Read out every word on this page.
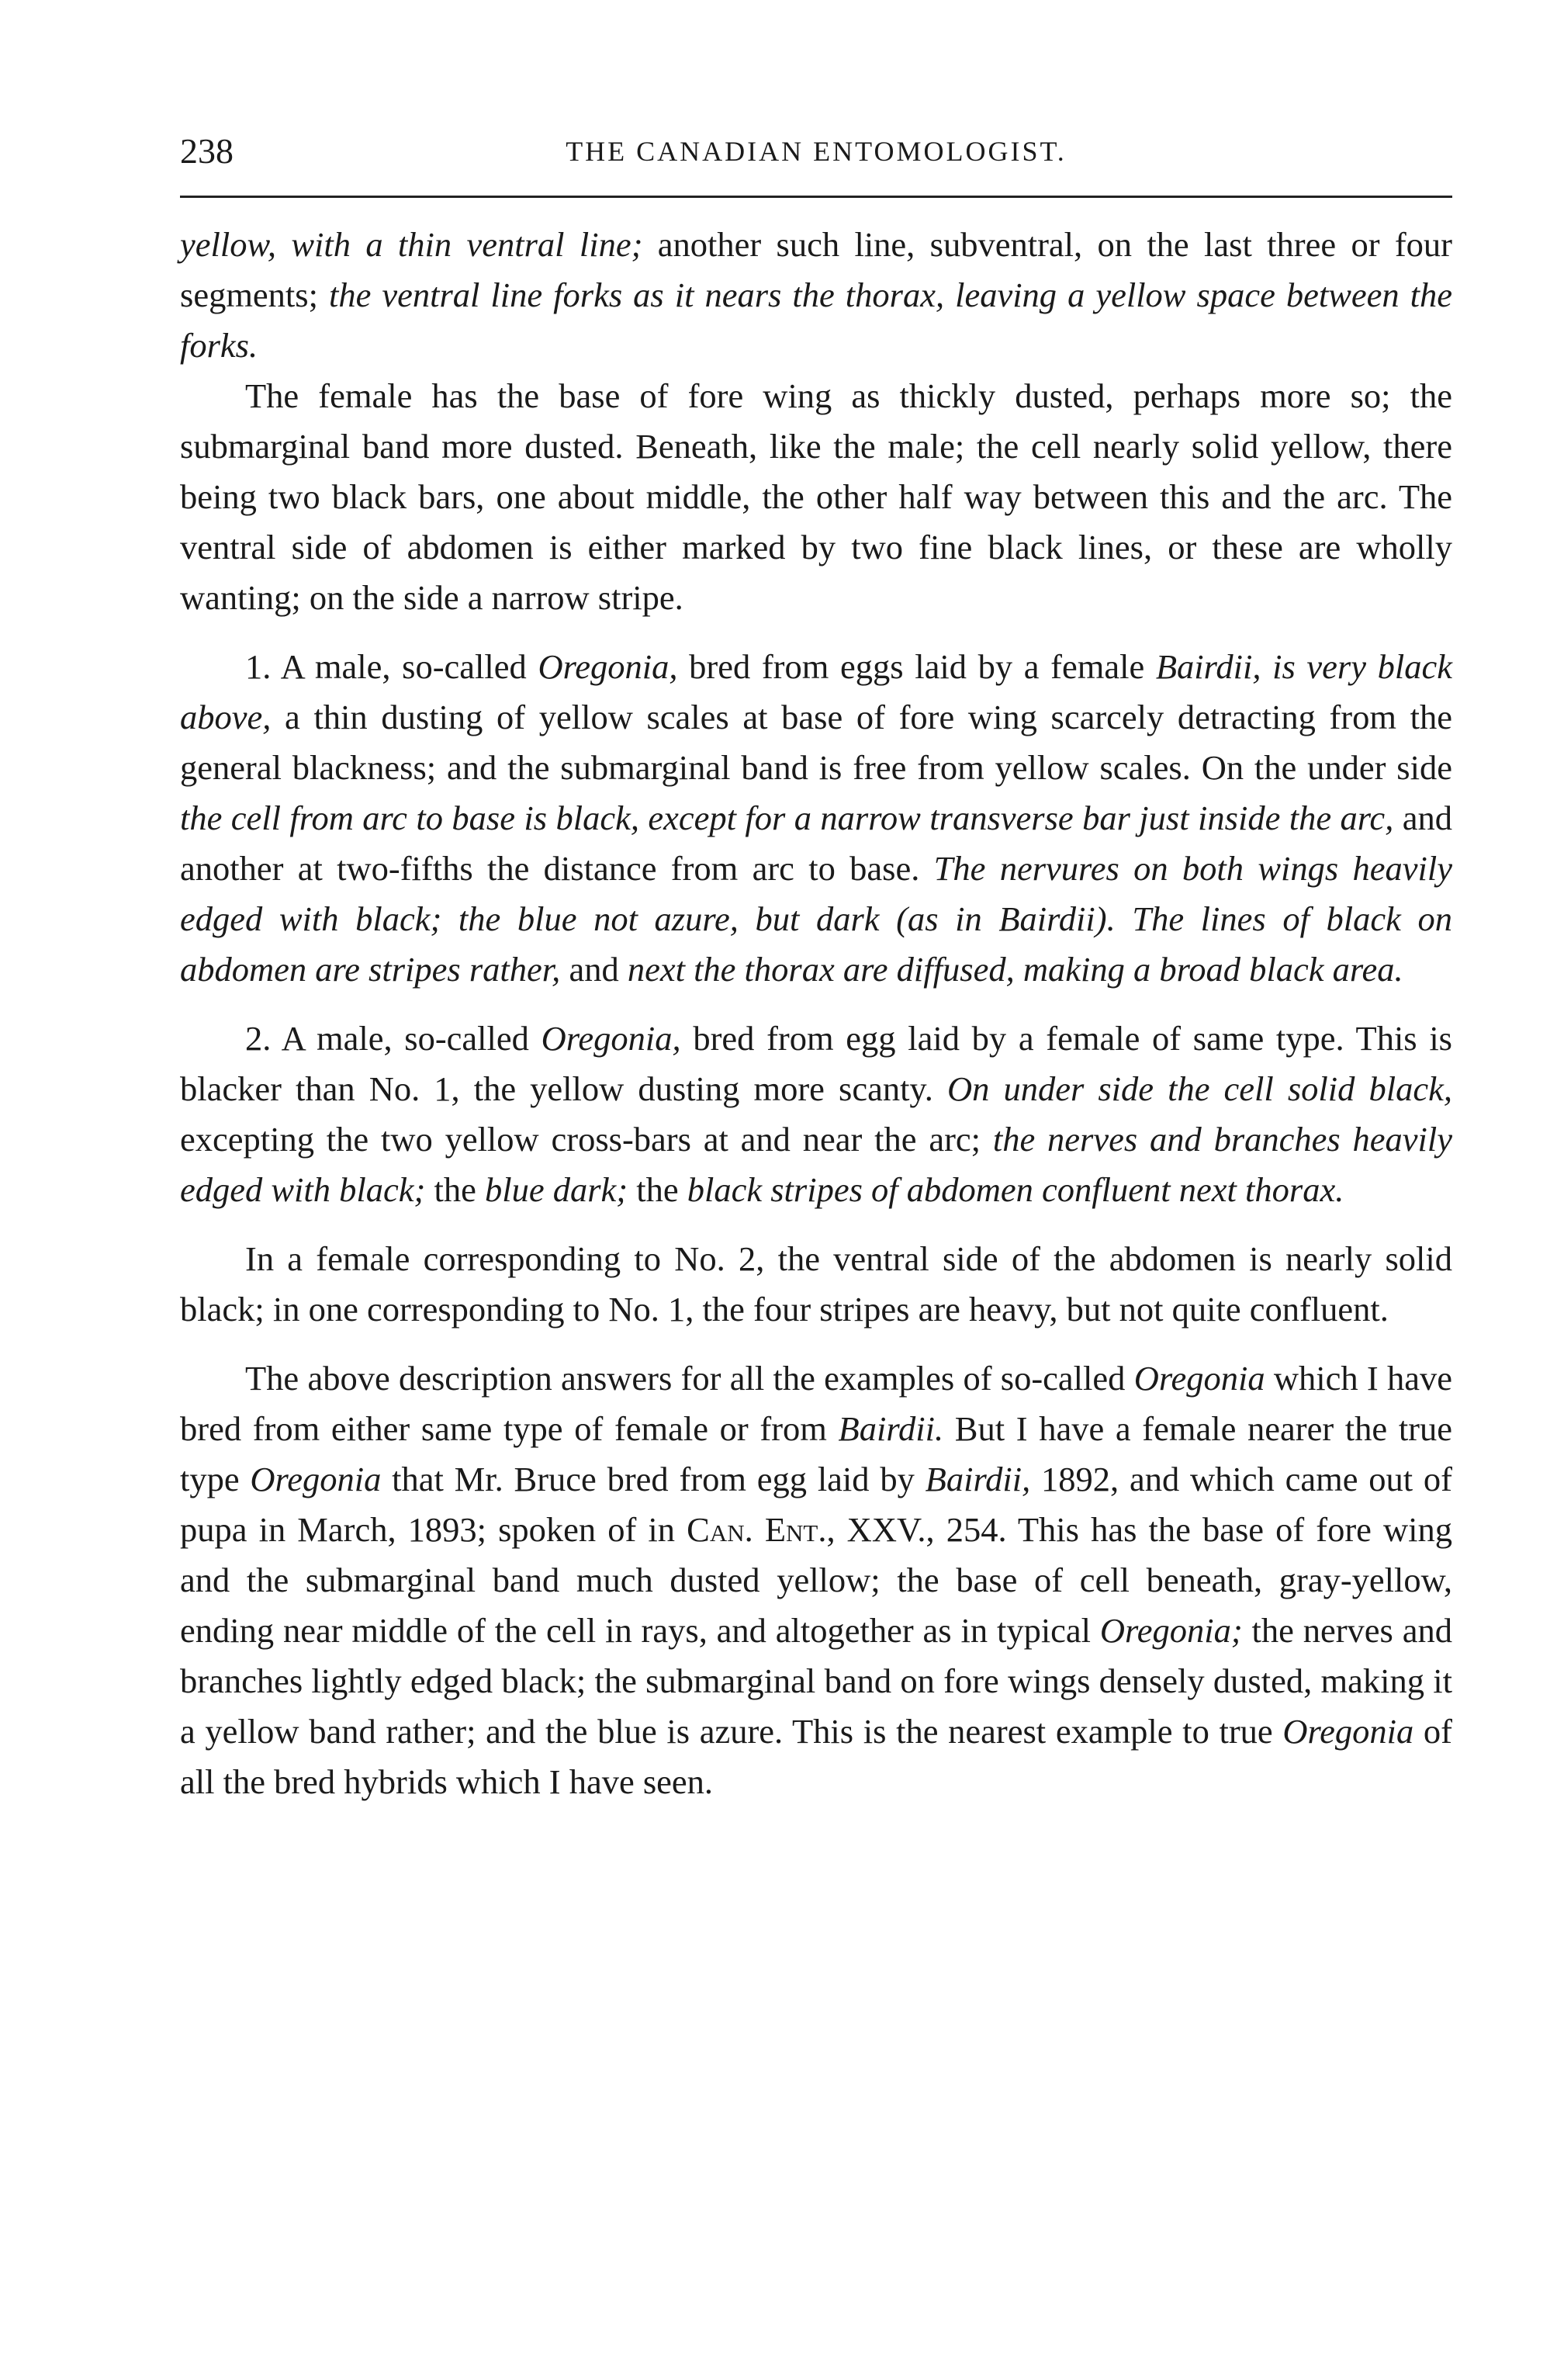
238	THE CANADIAN ENTOMOLOGIST.

yellow, with a thin ventral line; another such line, subventral, on the last three or four segments; the ventral line forks as it nears the thorax, leaving a yellow space between the forks.

The female has the base of fore wing as thickly dusted, perhaps more so; the submarginal band more dusted. Beneath, like the male; the cell nearly solid yellow, there being two black bars, one about middle, the other half way between this and the arc. The ventral side of abdomen is either marked by two fine black lines, or these are wholly wanting; on the side a narrow stripe.

1. A male, so-called Oregonia, bred from eggs laid by a female Bairdii, is very black above, a thin dusting of yellow scales at base of fore wing scarcely detracting from the general blackness; and the submarginal band is free from yellow scales. On the under side the cell from arc to base is black, except for a narrow transverse bar just inside the arc, and another at two-fifths the distance from arc to base. The nervures on both wings heavily edged with black; the blue not azure, but dark (as in Bairdii). The lines of black on abdomen are stripes rather, and next the thorax are diffused, making a broad black area.

2. A male, so-called Oregonia, bred from egg laid by a female of same type. This is blacker than No. 1, the yellow dusting more scanty. On under side the cell solid black, excepting the two yellow cross-bars at and near the arc; the nerves and branches heavily edged with black; the blue dark; the black stripes of abdomen confluent next thorax.

In a female corresponding to No. 2, the ventral side of the abdomen is nearly solid black; in one corresponding to No. 1, the four stripes are heavy, but not quite confluent.

The above description answers for all the examples of so-called Oregonia which I have bred from either same type of female or from Bairdii. But I have a female nearer the true type Oregonia that Mr. Bruce bred from egg laid by Bairdii, 1892, and which came out of pupa in March, 1893; spoken of in Can. Ent., XXV., 254. This has the base of fore wing and the submarginal band much dusted yellow; the base of cell beneath, gray-yellow, ending near middle of the cell in rays, and altogether as in typical Oregonia; the nerves and branches lightly edged black; the submarginal band on fore wings densely dusted, making it a yellow band rather; and the blue is azure. This is the nearest example to true Oregonia of all the bred hybrids which I have seen.
